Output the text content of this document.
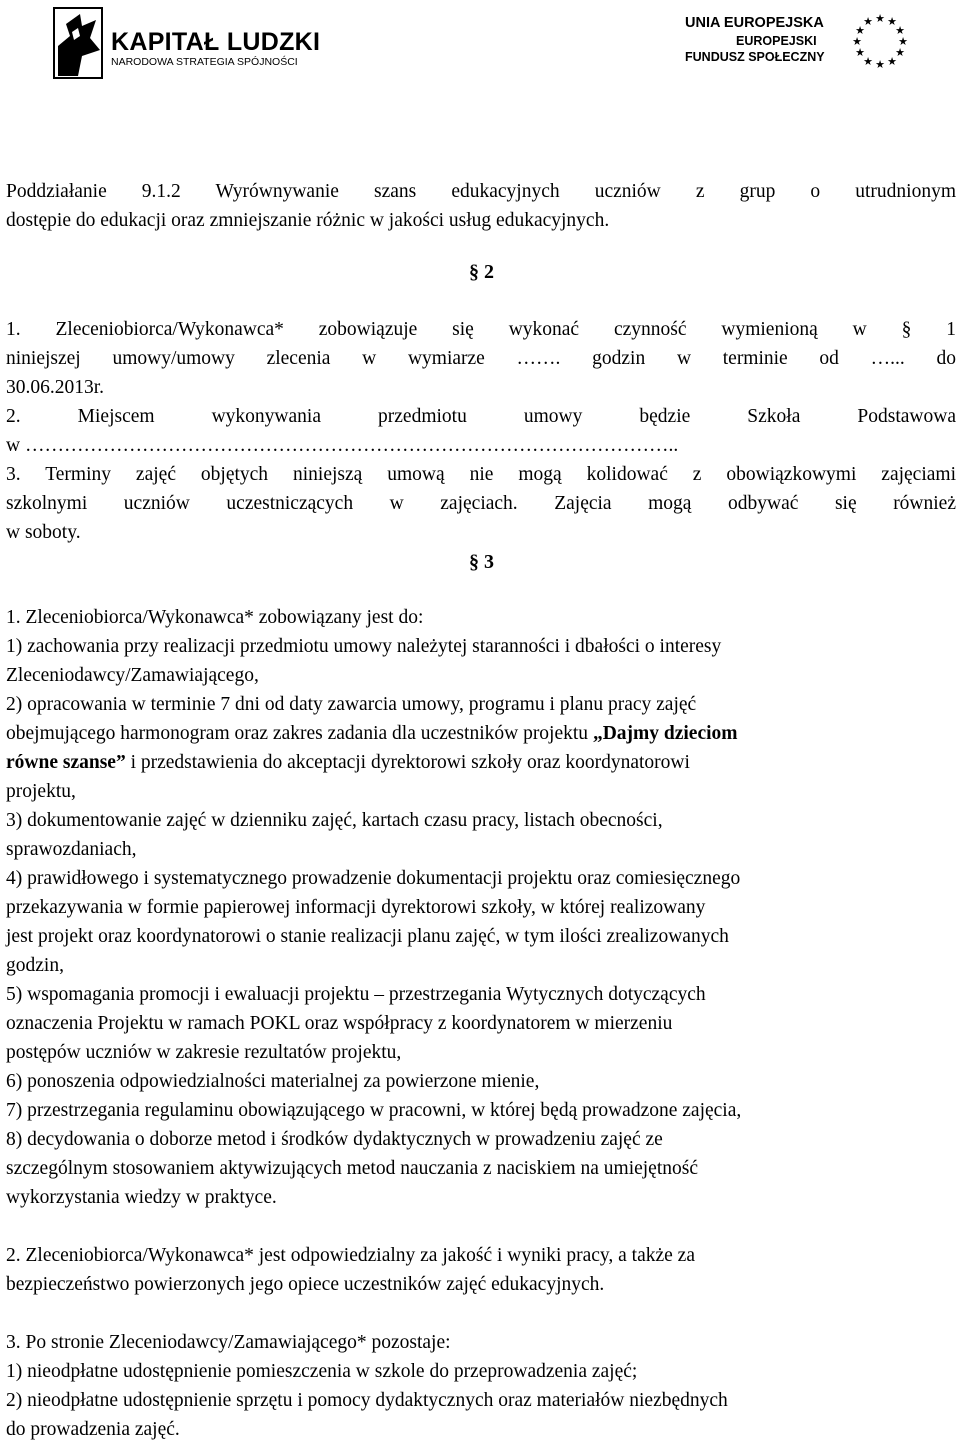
KAPITAŁ LUDZKI
NARODOWA STRATEGIA SPÓJNOŚCI
UNIA EUROPEJSKA
EUROPEJSKI
FUNDUSZ SPOŁECZNY
★ ★
★
★
★
★
★
★
★
★
★
★
Poddziałanie 9.1.2 Wyrównywanie szans edukacyjnych uczniów z grup o utrudnionym
dostępie do edukacji oraz zmniejszanie różnic w jakości usług edukacyjnych.
§ 2
1. Zleceniobiorca/Wykonawca* zobowiązuje się wykonać czynność wymienioną w § 1
niniejszej umowy/umowy zlecenia w wymiarze ……. godzin w terminie od …... do
30.06.2013r.
2. Miejscem wykonywania przedmiotu umowy będzie Szkoła Podstawowa
w ………………………………………………………………………………………..
3. Terminy zajęć objętych niniejszą umową nie mogą kolidować z obowiązkowymi zajęciami
szkolnymi uczniów uczestniczących w zajęciach. Zajęcia mogą odbywać się również
w soboty.
§ 3
1. Zleceniobiorca/Wykonawca* zobowiązany jest do:
1) zachowania przy realizacji przedmiotu umowy należytej staranności i dbałości o interesy
Zleceniodawcy/Zamawiającego,
2) opracowania w terminie 7 dni od daty zawarcia umowy, programu i planu pracy zajęć
obejmującego harmonogram oraz zakres zadania dla uczestników projektu „Dajmy dzieciom
równe szanse” i przedstawienia do akceptacji dyrektorowi szkoły oraz koordynatorowi
projektu,
3) dokumentowanie zajęć w dzienniku zajęć, kartach czasu pracy, listach obecności,
sprawozdaniach,
4) prawidłowego i systematycznego prowadzenie dokumentacji projektu oraz comiesięcznego
przekazywania w formie papierowej informacji dyrektorowi szkoły, w której realizowany
jest projekt oraz koordynatorowi o stanie realizacji planu zajęć, w tym ilości zrealizowanych
godzin,
5) wspomagania promocji i ewaluacji projektu – przestrzegania Wytycznych dotyczących
oznaczenia Projektu w ramach POKL oraz współpracy z koordynatorem w mierzeniu
postępów uczniów w zakresie rezultatów projektu,
6) ponoszenia odpowiedzialności materialnej za powierzone mienie,
7) przestrzegania regulaminu obowiązującego w pracowni, w której będą prowadzone zajęcia,
8) decydowania o doborze metod i środków dydaktycznych w prowadzeniu zajęć ze
szczególnym stosowaniem aktywizujących metod nauczania z naciskiem na umiejętność
wykorzystania wiedzy w praktyce.
2. Zleceniobiorca/Wykonawca* jest odpowiedzialny za jakość i wyniki pracy, a także za
bezpieczeństwo powierzonych jego opiece uczestników zajęć edukacyjnych.
3. Po stronie Zleceniodawcy/Zamawiającego* pozostaje:
1) nieodpłatne udostępnienie pomieszczenia w szkole do przeprowadzenia zajęć;
2) nieodpłatne udostępnienie sprzętu i pomocy dydaktycznych oraz materiałów niezbędnych
do prowadzenia zajęć.
